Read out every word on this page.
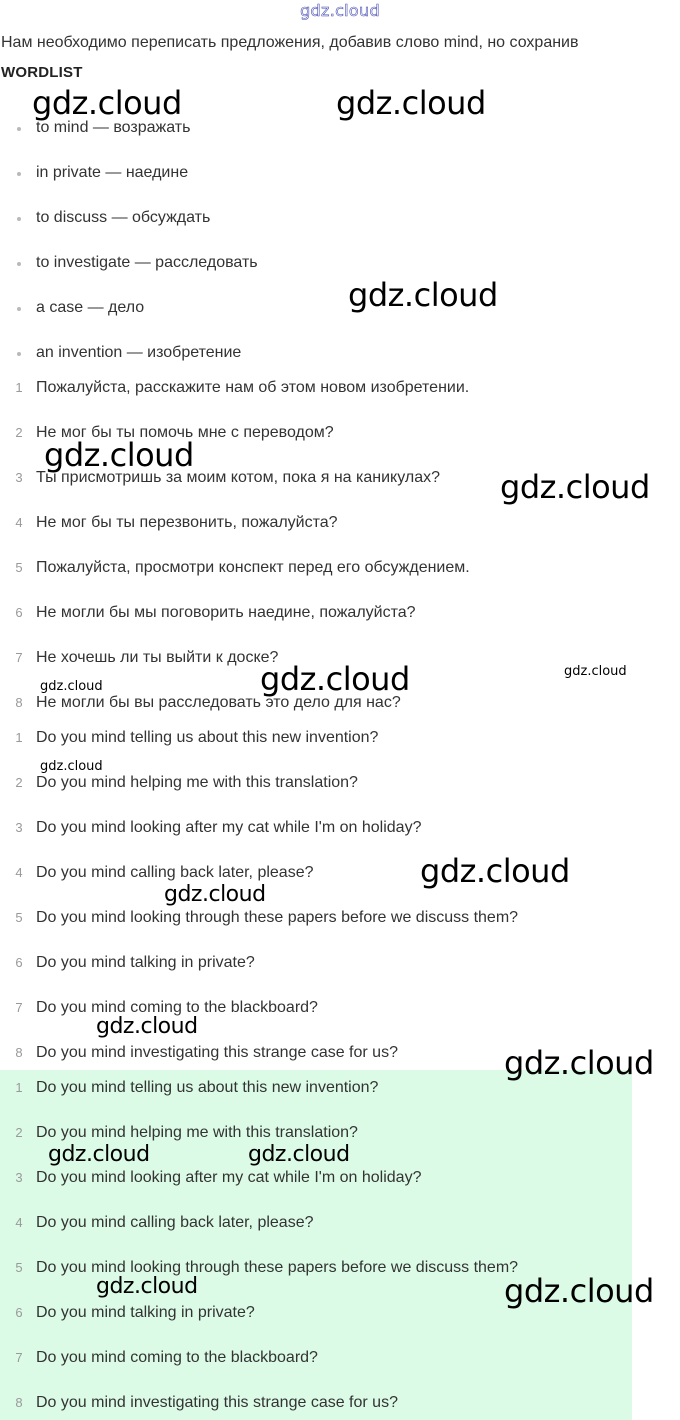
gdz.cloud
Нам необходимо переписать предложения, добавив слово mind, но сохранив
WORDLIST
to mind — возражать
in private — наедине
to discuss — обсуждать
to investigate — расследовать
a case — дело
an invention — изобретение
1 Пожалуйста, расскажите нам об этом новом изобретении.
2 Не мог бы ты помочь мне с переводом?
3 Ты присмотришь за моим котом, пока я на каникулах?
4 Не мог бы ты перезвонить, пожалуйста?
5 Пожалуйста, просмотри конспект перед его обсуждением.
6 Не могли бы мы поговорить наедине, пожалуйста?
7 Не хочешь ли ты выйти к доске?
8 Не могли бы вы расследовать это дело для нас?
1 Do you mind telling us about this new invention?
2 Do you mind helping me with this translation?
3 Do you mind looking after my cat while I'm on holiday?
4 Do you mind calling back later, please?
5 Do you mind looking through these papers before we discuss them?
6 Do you mind talking in private?
7 Do you mind coming to the blackboard?
8 Do you mind investigating this strange case for us?
1 Do you mind telling us about this new invention?
2 Do you mind helping me with this translation?
3 Do you mind looking after my cat while I'm on holiday?
4 Do you mind calling back later, please?
5 Do you mind looking through these papers before we discuss them?
6 Do you mind talking in private?
7 Do you mind coming to the blackboard?
8 Do you mind investigating this strange case for us?
gdz.cloud	gdz.cloud
gdz.cloud
gdz.cloud
gdz.cloud
gdz.cloud	gdz.cloud
gdz.cloud
gdz.cloud
gdz.cloud
gdz.cloud
gdz.cloud
gdz.cloud
gdz.cloud	gdz.cloud
gdz.cloud	gdz.cloud
